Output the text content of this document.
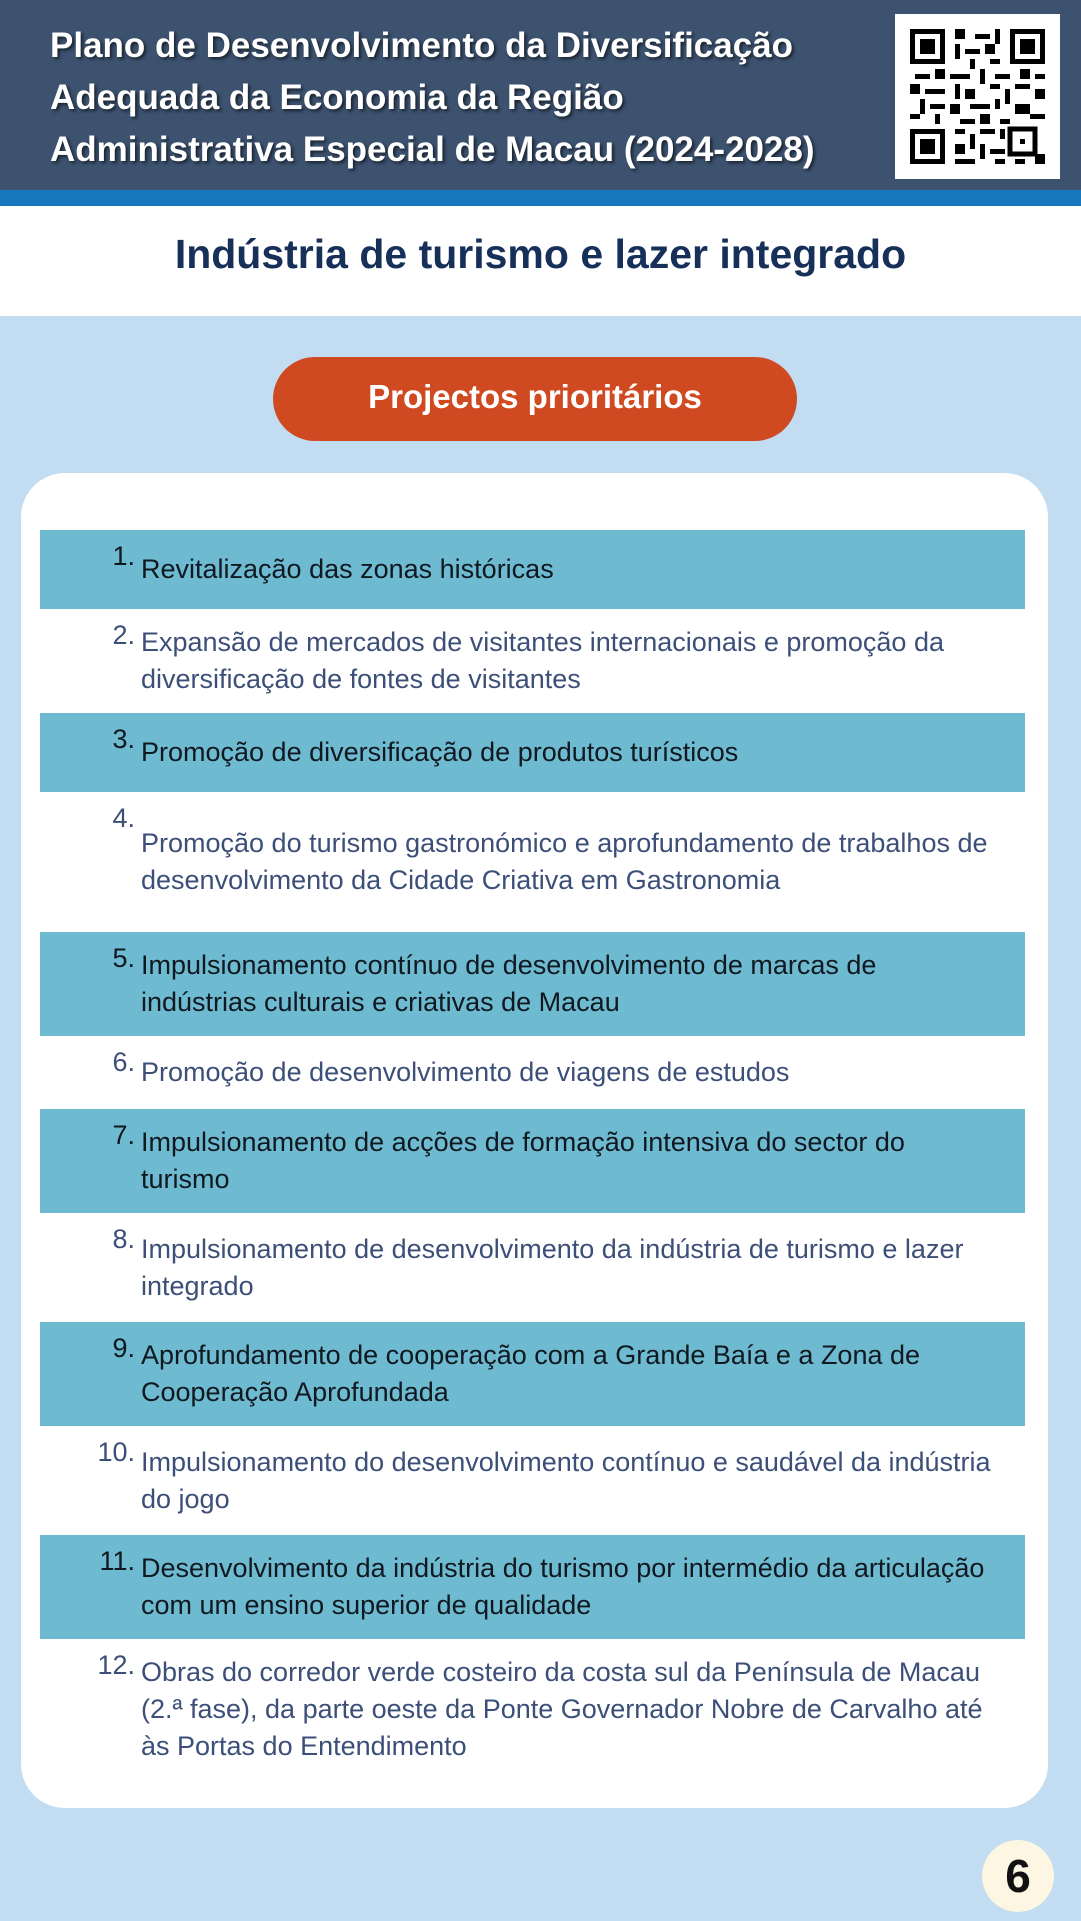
Plano de Desenvolvimento da Diversificação
Adequada da Economia da Região
Administrativa Especial de Macau (2024-2028)
Indústria de turismo e lazer integrado
Projectos prioritários
1. Revitalização das zonas históricas
2. Expansão de mercados de visitantes internacionais e promoção da diversificação de fontes de visitantes
3. Promoção de diversificação de produtos turísticos
4.
Promoção do turismo gastronómico e aprofundamento de trabalhos de desenvolvimento da Cidade Criativa em Gastronomia
5. Impulsionamento contínuo de desenvolvimento de marcas de indústrias culturais e criativas de Macau
6. Promoção de desenvolvimento de viagens de estudos
7. Impulsionamento de acções de formação intensiva do sector do turismo
8. Impulsionamento de desenvolvimento da indústria de turismo e lazer integrado
9. Aprofundamento de cooperação com a Grande Baía e a Zona de Cooperação Aprofundada
10. Impulsionamento do desenvolvimento contínuo e saudável da indústria do jogo
11. Desenvolvimento da indústria do turismo por intermédio da articulação com um ensino superior de qualidade
12. Obras do corredor verde costeiro da costa sul da Península de Macau (2.ª fase), da parte oeste da Ponte Governador Nobre de Carvalho até às Portas do Entendimento
6
